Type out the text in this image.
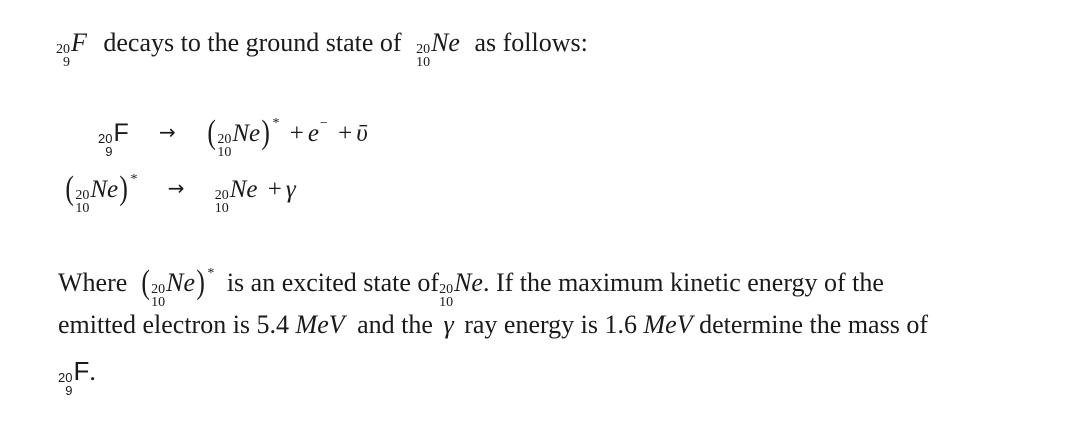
20
9
F decays to the ground state of 20
10
Ne as follows:
20
9
F → ( 20
10
Ne ) * + e− + ῡ
( 20
10
Ne ) * → 20
10
Ne + γ
Where ( 20
10
Ne ) * is an excited state of 20
10
Ne . If the maximum kinetic energy of the
emitted electron is 5.4 MeV and the γ ray energy is 1.6 MeV determine the mass of
20
9
F .
